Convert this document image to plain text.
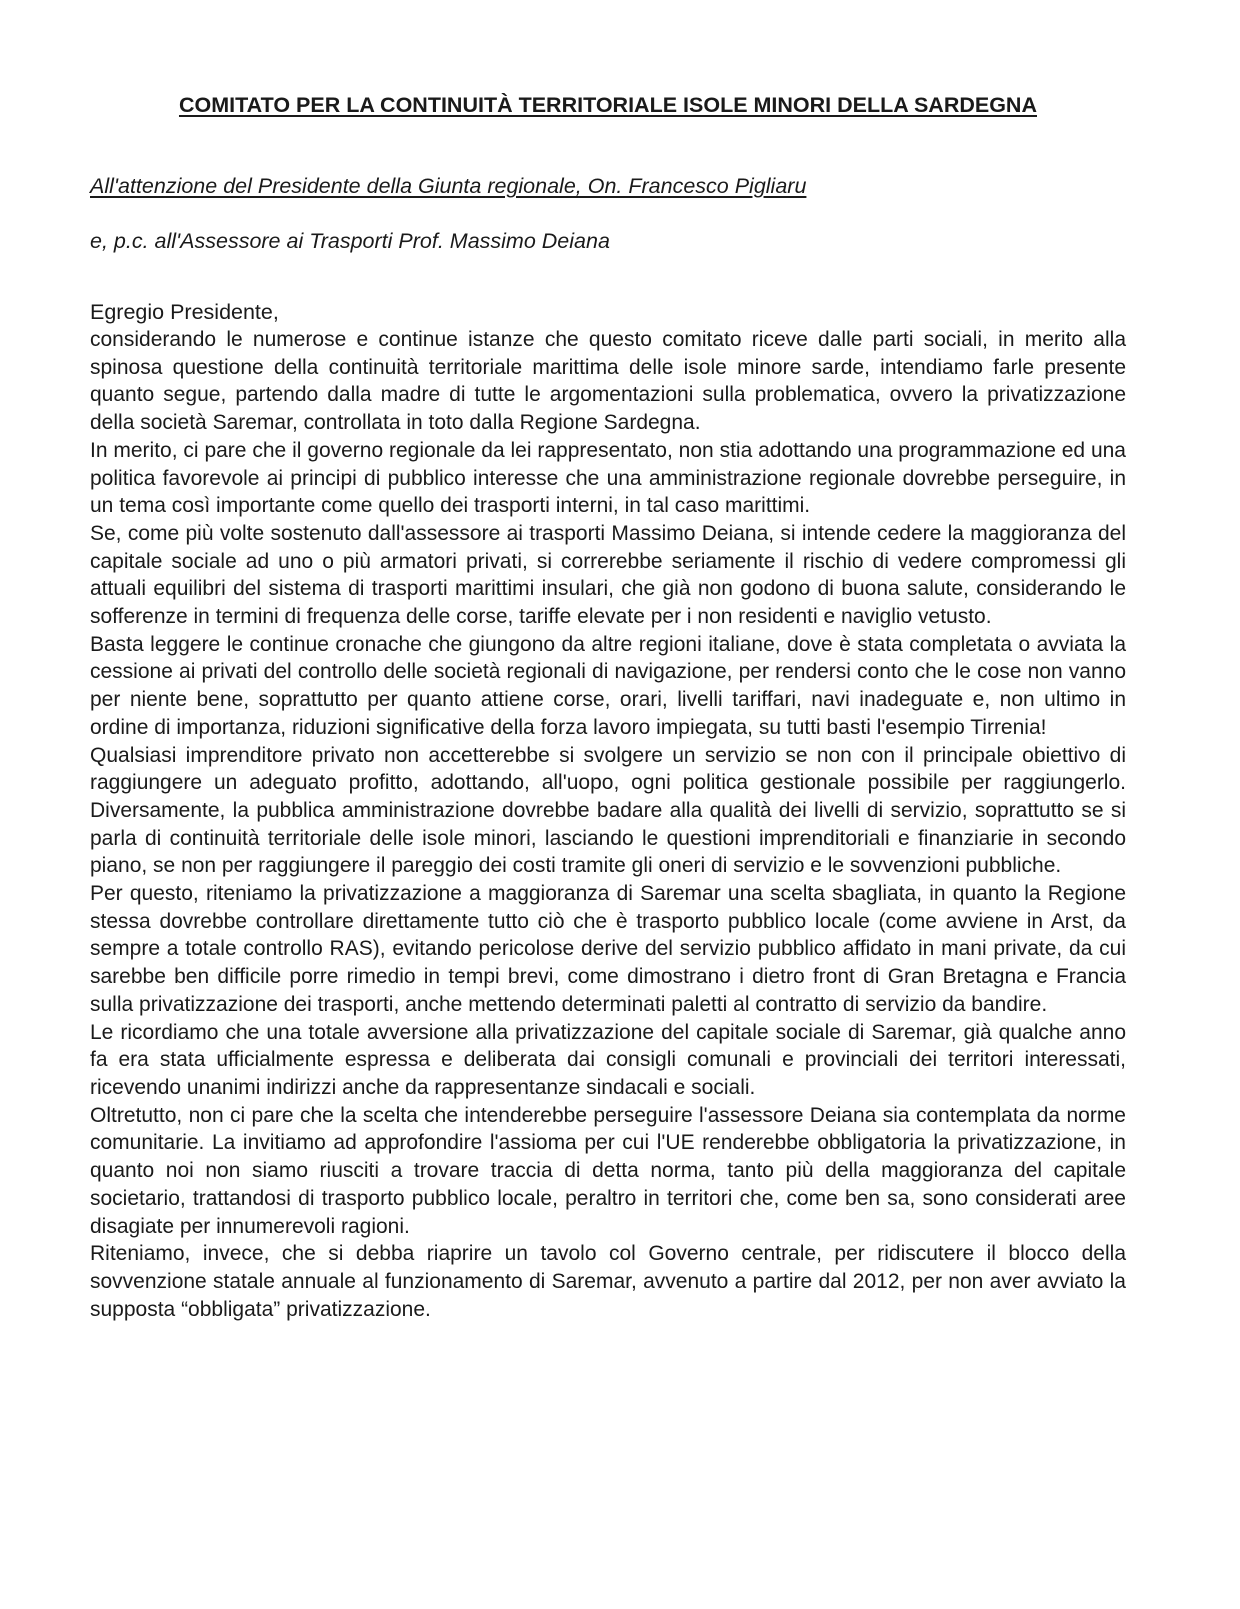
COMITATO PER LA CONTINUITÀ TERRITORIALE ISOLE MINORI DELLA SARDEGNA
All'attenzione del Presidente della Giunta regionale, On. Francesco Pigliaru
e, p.c. all'Assessore ai Trasporti Prof. Massimo Deiana
Egregio Presidente,

considerando le numerose e continue istanze che questo comitato riceve dalle parti sociali, in merito alla spinosa questione della continuità territoriale marittima delle isole minore sarde, intendiamo farle presente quanto segue, partendo dalla madre di tutte le argomentazioni sulla problematica, ovvero la privatizzazione della società Saremar, controllata in toto dalla Regione Sardegna.

In merito, ci pare che il governo regionale da lei rappresentato, non stia adottando una programmazione ed una politica favorevole ai principi di pubblico interesse che una amministrazione regionale dovrebbe perseguire, in un tema così importante come quello dei trasporti interni, in tal caso marittimi.

Se, come più volte sostenuto dall'assessore ai trasporti Massimo Deiana, si intende cedere la maggioranza del capitale sociale ad uno o più armatori privati, si correrebbe seriamente il rischio di vedere compromessi gli attuali equilibri del sistema di trasporti marittimi insulari, che già non godono di buona salute, considerando le sofferenze in termini di frequenza delle corse, tariffe elevate per i non residenti e naviglio vetusto.

Basta leggere le continue cronache che giungono da altre regioni italiane, dove è stata completata o avviata la cessione ai privati del controllo delle società regionali di navigazione, per rendersi conto che le cose non vanno per niente bene, soprattutto per quanto attiene corse, orari, livelli tariffari, navi inadeguate e, non ultimo in ordine di importanza, riduzioni significative della forza lavoro impiegata, su tutti basti l'esempio Tirrenia!

Qualsiasi imprenditore privato non accetterebbe si svolgere un servizio se non con il principale obiettivo di raggiungere un adeguato profitto, adottando, all'uopo, ogni politica gestionale possibile per raggiungerlo. Diversamente, la pubblica amministrazione dovrebbe badare alla qualità dei livelli di servizio, soprattutto se si parla di continuità territoriale delle isole minori, lasciando le questioni imprenditoriali e finanziarie in secondo piano, se non per raggiungere il pareggio dei costi tramite gli oneri di servizio e le sovvenzioni pubbliche.

Per questo, riteniamo la privatizzazione a maggioranza di Saremar una scelta sbagliata, in quanto la Regione stessa dovrebbe controllare direttamente tutto ciò che è trasporto pubblico locale (come avviene in Arst, da sempre a totale controllo RAS), evitando pericolose derive del servizio pubblico affidato in mani private, da cui sarebbe ben difficile porre rimedio in tempi brevi, come dimostrano i dietro front di Gran Bretagna e Francia sulla privatizzazione dei trasporti, anche mettendo determinati paletti al contratto di servizio da bandire.

Le ricordiamo che una totale avversione alla privatizzazione del capitale sociale di Saremar, già qualche anno fa era stata ufficialmente espressa e deliberata dai consigli comunali e provinciali dei territori interessati, ricevendo unanimi indirizzi anche da rappresentanze sindacali e sociali.

Oltretutto, non ci pare che la scelta che intenderebbe perseguire l'assessore Deiana sia contemplata da norme comunitarie. La invitiamo ad approfondire l'assioma per cui l'UE renderebbe obbligatoria la privatizzazione, in quanto noi non siamo riusciti a trovare traccia di detta norma, tanto più della maggioranza del capitale societario, trattandosi di trasporto pubblico locale, peraltro in territori che, come ben sa, sono considerati aree disagiate per innumerevoli ragioni.

Riteniamo, invece, che si debba riaprire un tavolo col Governo centrale, per ridiscutere il blocco della sovvenzione statale annuale al funzionamento di Saremar, avvenuto a partire dal 2012, per non aver avviato la supposta “obbligata” privatizzazione.
